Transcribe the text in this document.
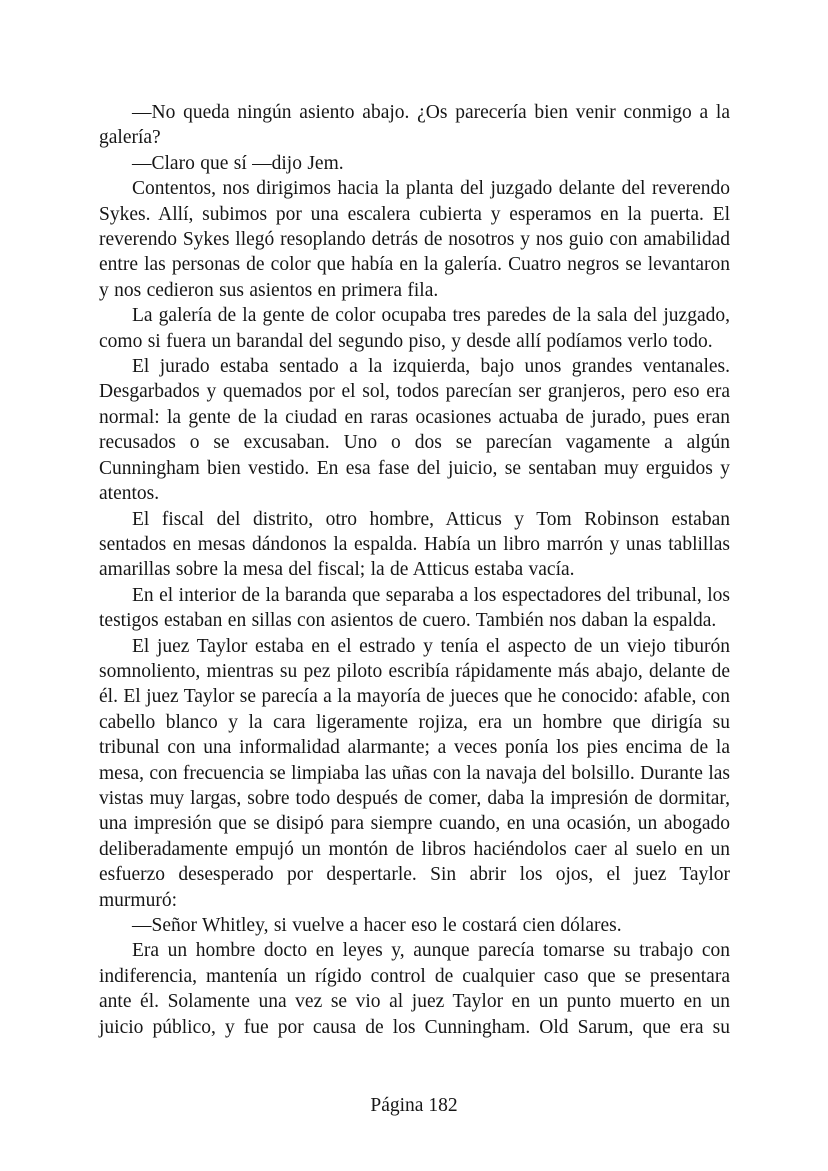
—No queda ningún asiento abajo. ¿Os parecería bien venir conmigo a la galería?

—Claro que sí —dijo Jem.

Contentos, nos dirigimos hacia la planta del juzgado delante del reverendo Sykes. Allí, subimos por una escalera cubierta y esperamos en la puerta. El reverendo Sykes llegó resoplando detrás de nosotros y nos guio con amabilidad entre las personas de color que había en la galería. Cuatro negros se levantaron y nos cedieron sus asientos en primera fila.

La galería de la gente de color ocupaba tres paredes de la sala del juzgado, como si fuera un barandal del segundo piso, y desde allí podíamos verlo todo.

El jurado estaba sentado a la izquierda, bajo unos grandes ventanales. Desgarbados y quemados por el sol, todos parecían ser granjeros, pero eso era normal: la gente de la ciudad en raras ocasiones actuaba de jurado, pues eran recusados o se excusaban. Uno o dos se parecían vagamente a algún Cunningham bien vestido. En esa fase del juicio, se sentaban muy erguidos y atentos.

El fiscal del distrito, otro hombre, Atticus y Tom Robinson estaban sentados en mesas dándonos la espalda. Había un libro marrón y unas tablillas amarillas sobre la mesa del fiscal; la de Atticus estaba vacía.

En el interior de la baranda que separaba a los espectadores del tribunal, los testigos estaban en sillas con asientos de cuero. También nos daban la espalda.

El juez Taylor estaba en el estrado y tenía el aspecto de un viejo tiburón somnoliento, mientras su pez piloto escribía rápidamente más abajo, delante de él. El juez Taylor se parecía a la mayoría de jueces que he conocido: afable, con cabello blanco y la cara ligeramente rojiza, era un hombre que dirigía su tribunal con una informalidad alarmante; a veces ponía los pies encima de la mesa, con frecuencia se limpiaba las uñas con la navaja del bolsillo. Durante las vistas muy largas, sobre todo después de comer, daba la impresión de dormitar, una impresión que se disipó para siempre cuando, en una ocasión, un abogado deliberadamente empujó un montón de libros haciéndolos caer al suelo en un esfuerzo desesperado por despertarle. Sin abrir los ojos, el juez Taylor murmuró:

—Señor Whitley, si vuelve a hacer eso le costará cien dólares.

Era un hombre docto en leyes y, aunque parecía tomarse su trabajo con indiferencia, mantenía un rígido control de cualquier caso que se presentara ante él. Solamente una vez se vio al juez Taylor en un punto muerto en un juicio público, y fue por causa de los Cunningham. Old Sarum, que era su

Página 182
